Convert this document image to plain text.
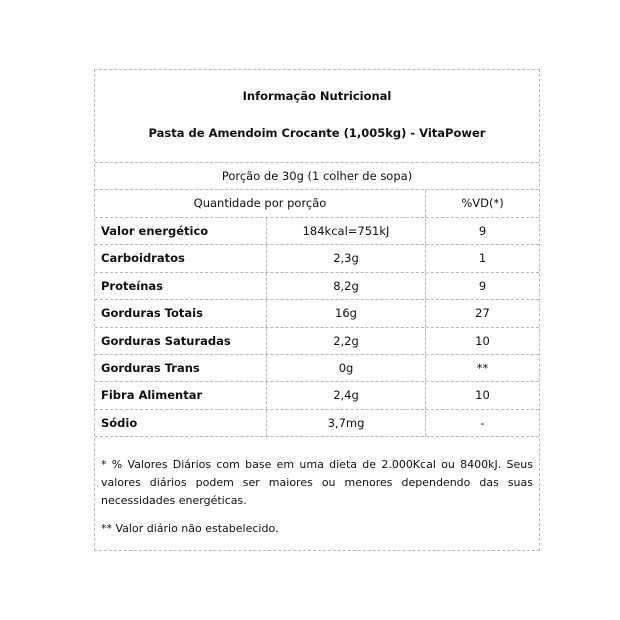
Informação Nutricional
Pasta de Amendoim Crocante (1,005kg) - VitaPower
Porção de 30g (1 colher de sopa)
Quantidade por porção	%VD(*)
Valor energético	184kcal=751kJ	9
Carboidratos	2,3g	1
Proteínas	8,2g	9
Gorduras Totais	16g	27
Gorduras Saturadas	2,2g	10
Gorduras Trans	0g	**
Fibra Alimentar	2,4g	10
Sódio	3,7mg	-

* % Valores Diários com base em uma dieta de 2.000Kcal ou 8400kJ. Seus valores diários podem ser maiores ou menores dependendo das suas necessidades energéticas.

** Valor diário não estabelecido.
